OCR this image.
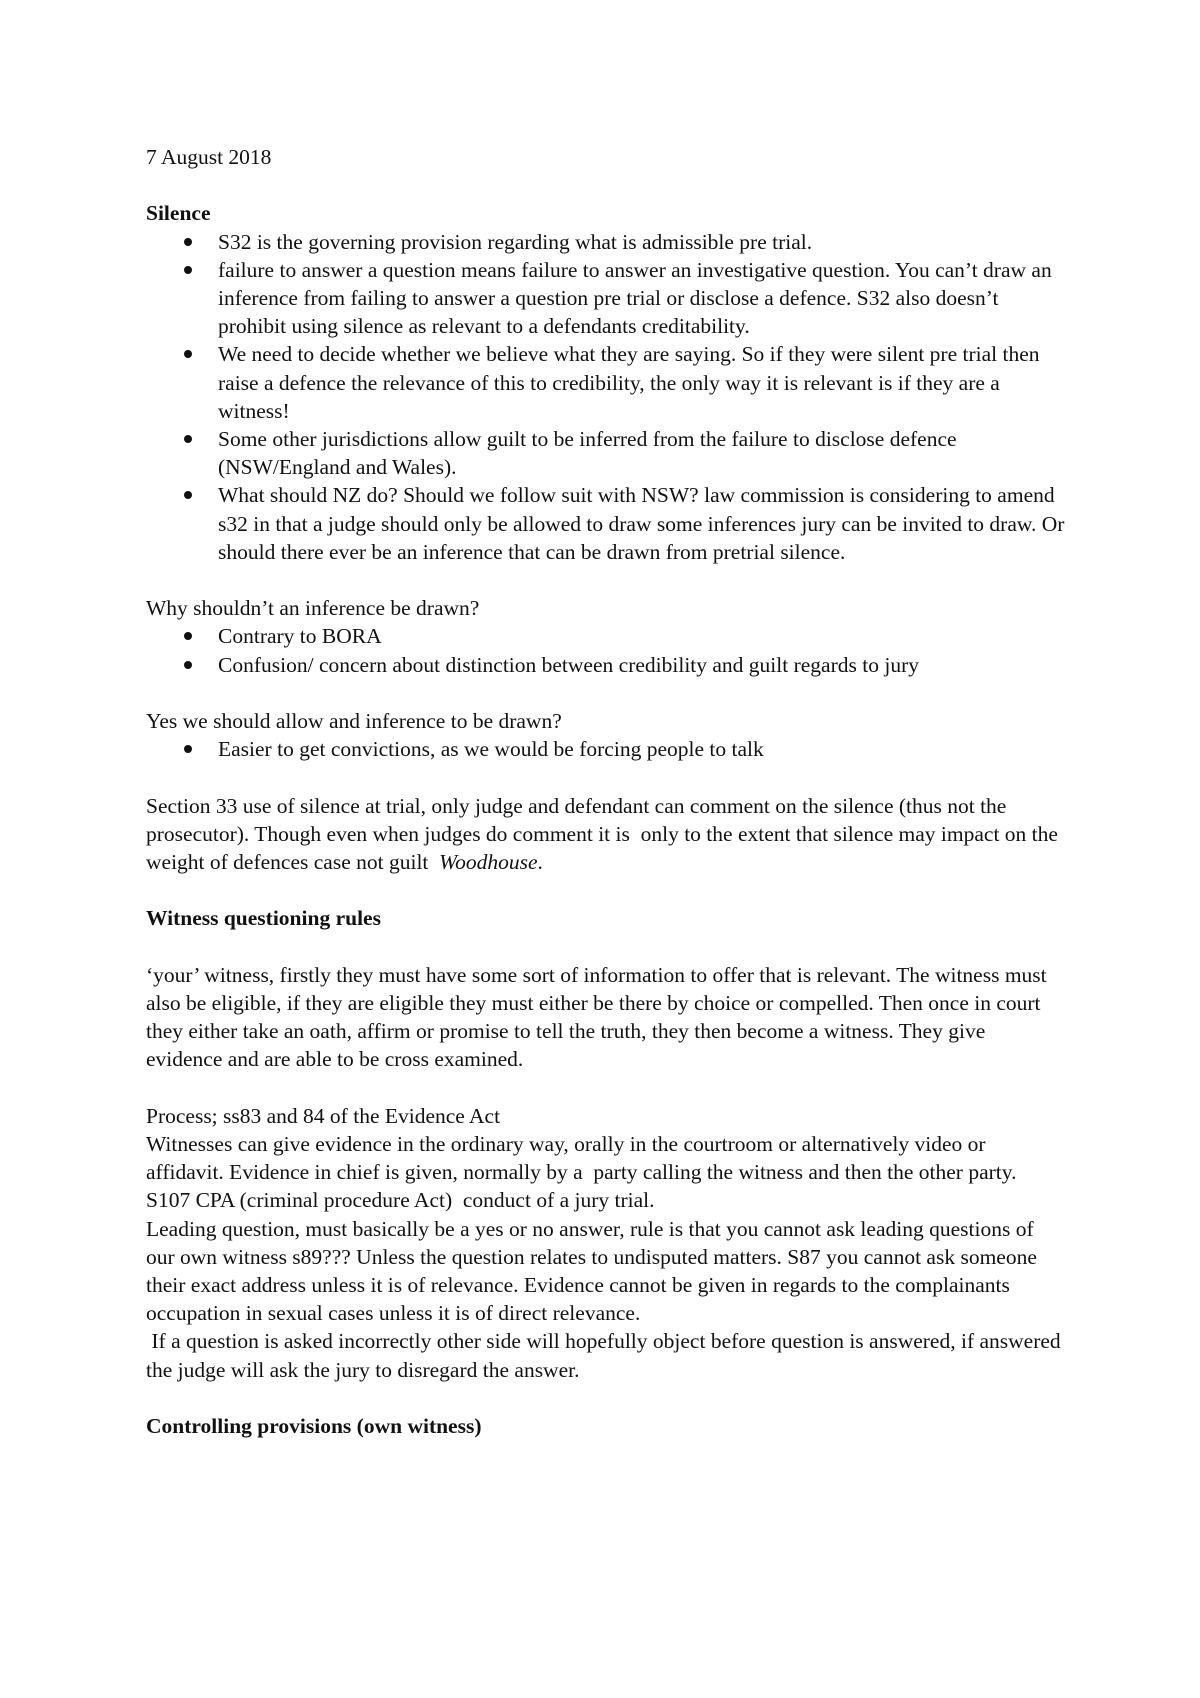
7 August 2018

Silence

S32 is the governing provision regarding what is admissible pre trial.
failure to answer a question means failure to answer an investigative question. You can’t draw an inference from failing to answer a question pre trial or disclose a defence. S32 also doesn’t prohibit using silence as relevant to a defendants creditability.
We need to decide whether we believe what they are saying. So if they were silent pre trial then raise a defence the relevance of this to credibility, the only way it is relevant is if they are a witness!
Some other jurisdictions allow guilt to be inferred from the failure to disclose defence (NSW/England and Wales).
What should NZ do? Should we follow suit with NSW? law commission is considering to amend s32 in that a judge should only be allowed to draw some inferences jury can be invited to draw. Or should there ever be an inference that can be drawn from pretrial silence.

Why shouldn’t an inference be drawn?

Contrary to BORA
Confusion/ concern about distinction between credibility and guilt regards to jury

Yes we should allow and inference to be drawn?

Easier to get convictions, as we would be forcing people to talk

Section 33 use of silence at trial, only judge and defendant can comment on the silence (thus not the prosecutor). Though even when judges do comment it is  only to the extent that silence may impact on the weight of defences case not guilt  Woodhouse.

Witness questioning rules

‘your’ witness, firstly they must have some sort of information to offer that is relevant. The witness must also be eligible, if they are eligible they must either be there by choice or compelled. Then once in court  they either take an oath, affirm or promise to tell the truth, they then become a witness. They give evidence and are able to be cross examined.

Process; ss83 and 84 of the Evidence Act

Witnesses can give evidence in the ordinary way, orally in the courtroom or alternatively video or affidavit. Evidence in chief is given, normally by a  party calling the witness and then the other party.

S107 CPA (criminal procedure Act)  conduct of a jury trial.

Leading question, must basically be a yes or no answer, rule is that you cannot ask leading questions of our own witness s89??? Unless the question relates to undisputed matters. S87 you cannot ask someone their exact address unless it is of relevance. Evidence cannot be given in regards to the complainants occupation in sexual cases unless it is of direct relevance.

If a question is asked incorrectly other side will hopefully object before question is answered, if answered the judge will ask the jury to disregard the answer.

Controlling provisions (own witness)
